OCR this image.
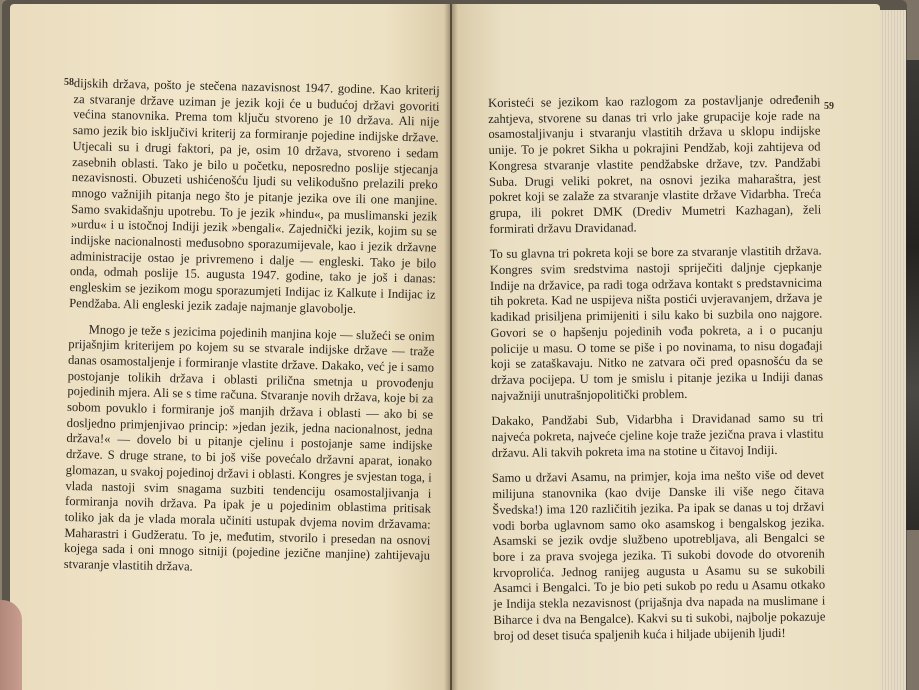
58 dijskih država, pošto je stečena nazavisnost 1947. godine. Kao kriterij za stvaranje države uziman je jezik koji će u budućoj državi govoriti većina stanovnika. Prema tom ključu stvoreno je 10 država. Ali nije samo jezik bio isključivi kriterij za formiranje pojedine indijske države. Utjecali su i drugi faktori, pa je, osim 10 država, stvoreno i sedam zasebnih oblasti. Tako je bilo u početku, neposredno poslije stjecanja nezavisnosti. Obuzeti ushićenošću ljudi su velikodušno prelazili preko mnogo važnijih pitanja nego što je pitanje jezika ove ili one manjine. Samo svakidašnju upotrebu. To je jezik »hindu«, pa muslimanski jezik »urdu« i u istočnoj Indiji jezik »bengali«. Zajednički jezik, kojim su se indijske nacionalnosti međusobno sporazumijevale, kao i jezik državne administracije ostao je privremeno i dalje — engleski. Tako je bilo onda, odmah poslije 15. augusta 1947. godine, tako je još i danas: engleskim se jezikom mogu sporazumjeti Indijac iz Kalkute i Indijac iz Pendžaba. Ali engleski jezik zadaje najmanje glavobolje.

Mnogo je teže s jezicima pojedinih manjina koje — služeći se onim prijašnjim kriterijem po kojem su se stvarale indijske države — traže danas osamostaljenje i formiranje vlastite države. Dakako, već je i samo postojanje tolikih država i oblasti prilična smetnja u provođenju pojedinih mjera. Ali se s time računa. Stvaranje novih država, koje bi za sobom povuklo i formiranje još manjih država i oblasti — ako bi se dosljedno primjenjivao princip: »jedan jezik, jedna nacionalnost, jedna država!« — dovelo bi u pitanje cjelinu i postojanje same indijske države. S druge strane, to bi još više povećalo državni aparat, ionako glomazan, u svakoj pojedinoj državi i oblasti. Kongres je svjestan toga, i vlada nastoji svim snagama suzbiti tendenciju osamostaljivanja i formiranja novih država. Pa ipak je u pojedinim oblastima pritisak toliko jak da je vlada morala učiniti ustupak dvjema novim državama: Maharastri i Gudžeratu. To je, međutim, stvorilo i presedan na osnovi kojega sada i oni mnogo sitniji (pojedine jezične manjine) zahtijevaju stvaranje vlastitih država.

59

Koristeći se jezikom kao razlogom za postavljanje određenih zahtjeva, stvorene su danas tri vrlo jake grupacije koje rade na osamostaljivanju i stvaranju vlastitih država u sklopu indijske unije. To je pokret Sikha u pokrajini Pendžab, koji zahtijeva od Kongresa stvaranje vlastite pendžabske države, tzv. Pandžabi Suba. Drugi veliki pokret, na osnovi jezika maharaštra, jest pokret koji se zalaže za stvaranje vlastite države Vidarbha. Treća grupa, ili pokret DMK (Drediv Mumetri Kazhagan), želi formirati državu Dravidanad.

To su glavna tri pokreta koji se bore za stvaranje vlastitih država. Kongres svim sredstvima nastoji spriječiti daljnje cjepkanje Indije na državice, pa radi toga održava kontakt s predstavnicima tih pokreta. Kad ne uspijeva ništa postići uvjeravanjem, država je kadikad prisiljena primijeniti i silu kako bi suzbila ono najgore. Govori se o hapšenju pojedinih vođa pokreta, a i o pucanju policije u masu. O tome se piše i po novinama, to nisu događaji koji se zataškavaju. Nitko ne zatvara oči pred opasnošću da se država pocijepa. U tom je smislu i pitanje jezika u Indiji danas najvažniji unutrašnjopolitički problem.

Dakako, Pandžabi Sub, Vidarbha i Dravidanad samo su tri najveća pokreta, najveće cjeline koje traže jezična prava i vlastitu državu. Ali takvih pokreta ima na stotine u čitavoj Indiji.

Samo u državi Asamu, na primjer, koja ima nešto više od devet milijuna stanovnika (kao dvije Danske ili više nego čitava Švedska!) ima 120 različitih jezika. Pa ipak se danas u toj državi vodi borba uglavnom samo oko asamskog i bengalskog jezika. Asamski se jezik ovdje službeno upotrebljava, ali Bengalci se bore i za prava svojega jezika. Ti sukobi dovode do otvorenih krvoprolića. Jednog ranijeg augusta u Asamu su se sukobili Asamci i Bengalci. To je bio peti sukob po redu u Asamu otkako je Indija stekla nezavisnost (prijašnja dva napada na muslimane i Biharce i dva na Bengalce). Kakvi su ti sukobi, najbolje pokazuje broj od deset tisuća spaljenih kuća i hiljade ubijenih ljudi!
